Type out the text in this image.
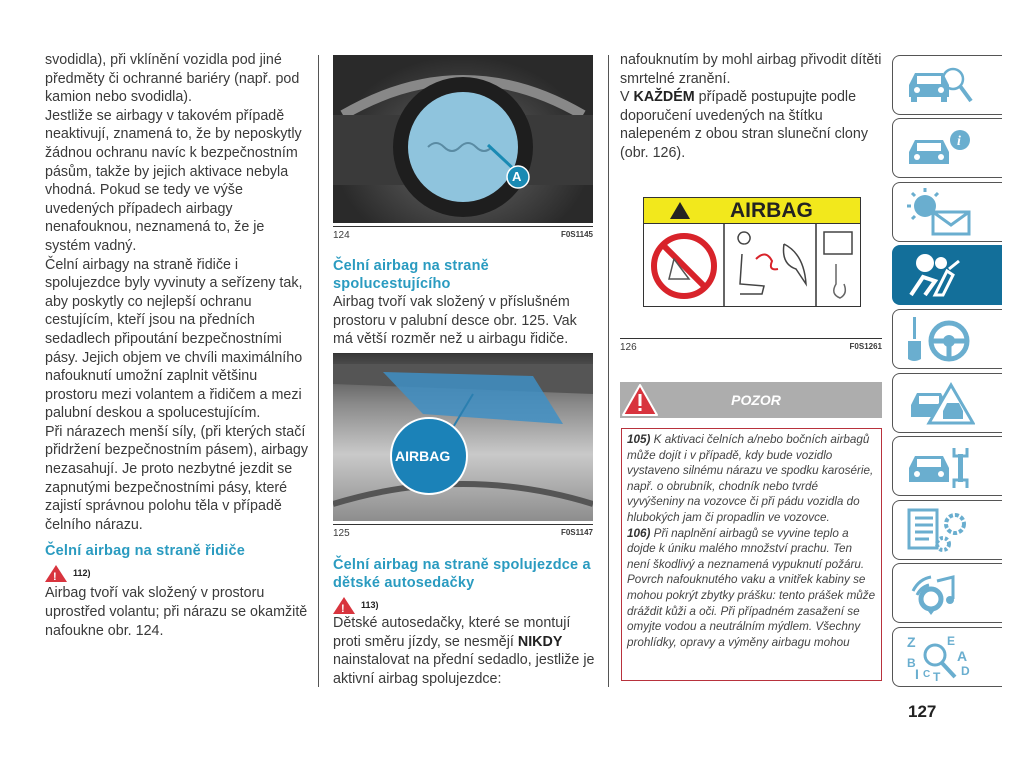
svodidla), při vklínění vozidla pod jiné předměty či ochranné bariéry (např. pod kamion nebo svodidla).

Jestliže se airbagy v takovém případě neaktivují, znamená to, že by neposkytly žádnou ochranu navíc k bezpečnostním pásům, takže by jejich aktivace nebyla vhodná. Pokud se tedy ve výše uvedených případech airbagy nenafouknou, neznamená to, že je systém vadný.

Čelní airbagy na straně řidiče i spolujezdce byly vyvinuty a seřízeny tak, aby poskytly co nejlepší ochranu cestujícím, kteří jsou na předních sedadlech připoutání bezpečnostními pásy. Jejich objem ve chvíli maximálního nafouknutí umožní zaplnit většinu prostoru mezi volantem a řidičem a mezi palubní deskou a spolucestujícím.

Při nárazech menší síly, (při kterých stačí přidržení bezpečnostním pásem), airbagy nezasahují. Je proto nezbytné jezdit se zapnutými bezpečnostními pásy, které zajistí správnou polohu těla v případě čelního nárazu.

Čelní airbag na straně řidiče
! 112)

Airbag tvoří vak složený v prostoru uprostřed volantu; při nárazu se okamžitě nafoukne obr. 124.

A
124	F0S1145
Čelní airbag na straně spolucestujícího

Airbag tvoří vak složený v příslušném prostoru v palubní desce obr. 125. Vak má větší rozměr než u airbagu řidiče.

AIRBAG
125	F0S1147
Čelní airbag na straně spolujezdce a dětské autosedačky
! 113)

Dětské autosedačky, které se montují proti směru jízdy, se nesmějí NIKDY nainstalovat na přední sedadlo, jestliže je aktivní airbag spolujezdce:

nafouknutím by mohl airbag přivodit dítěti smrtelné zranění.

V KAŽDÉM případě postupujte podle doporučení uvedených na štítku nalepeném z obou stran sluneční clony (obr. 126).

AIRBAG
126	F0S1261
POZOR

105) K aktivaci čelních a/nebo bočních airbagů může dojít i v případě, kdy bude vozidlo vystaveno silnému nárazu ve spodku karosérie, např. o obrubník, chodník nebo tvrdé vyvýšeniny na vozovce či při pádu vozidla do hlubokých jam či propadlin ve vozovce.

106) Při naplnění airbagů se vyvine teplo a dojde k úniku malého množství prachu. Ten není škodlivý a neznamená vypuknutí požáru. Povrch nafouknutého vaku a vnitřek kabiny se mohou pokrýt zbytky prášku: tento prášek může dráždit kůži a oči. Při případném zasažení se omyjte vodou a neutrálním mýdlem. Všechny prohlídky, opravy a výměny airbagu mohou

i
Z	E
B	A
D
I C T
127
